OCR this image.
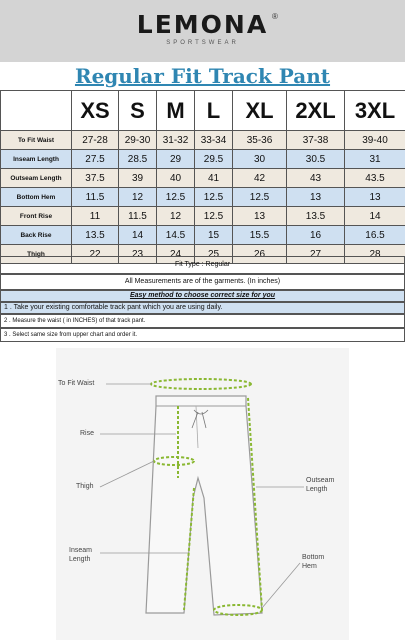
LEMONA ®
SPORTSWEAR
Regular Fit Track Pant
	XS	S	M	L	XL	2XL	3XL
To Fit Waist	27-28	29-30	31-32	33-34	35-36	37-38	39-40
Inseam Length	27.5	28.5	29	29.5	30	30.5	31
Outseam Length	37.5	39	40	41	42	43	43.5
Bottom Hem	11.5	12	12.5	12.5	12.5	13	13
Front Rise	11	11.5	12	12.5	13	13.5	14
Back Rise	13.5	14	14.5	15	15.5	16	16.5
Thigh	22	23	24	25	26	27	28
Fit Type : Regular
All Measurements are of the garments. (In inches)
Easy method to choose correct size for you
1 . Take your existing comfortable track pant which you are using daily.
2 . Measure the waist ( in INCHES) of that track pant.
3 . Select same size from upper chart and order it.
To Fit Waist
Rise
Thigh
Inseam Length
Outseam Length
Bottom Hem
